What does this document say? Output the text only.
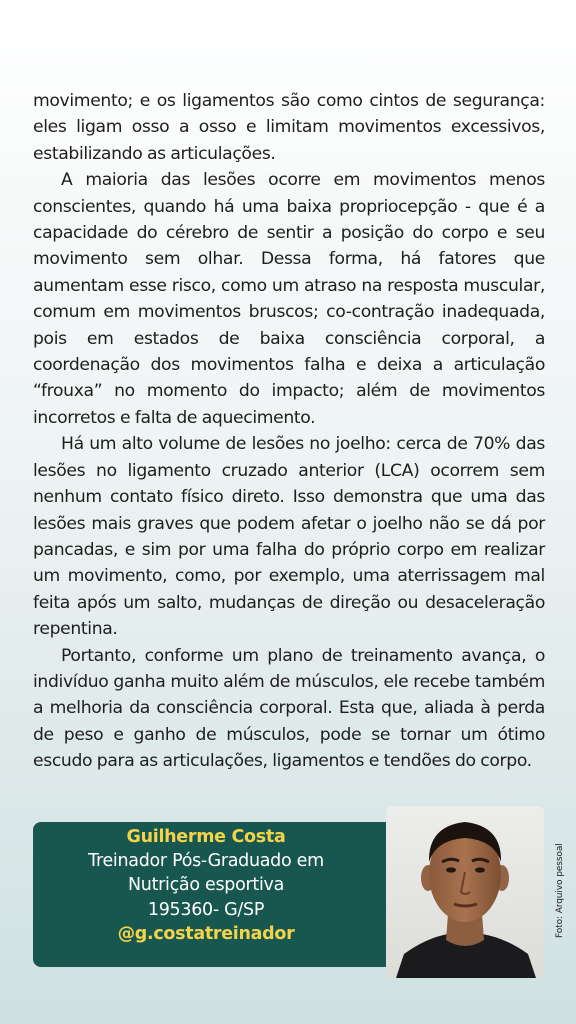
movimento; e os ligamentos são como cintos de segurança: eles ligam osso a osso e limitam movimentos excessivos, estabilizando as articulações.

A maioria das lesões ocorre em movimentos menos conscientes, quando há uma baixa propriocepção - que é a capacidade do cérebro de sentir a posição do corpo e seu movimento sem olhar. Dessa forma, há fatores que aumentam esse risco, como um atraso na resposta muscular, comum em movimentos bruscos; co-contração inadequada, pois em estados de baixa consciência corporal, a coordenação dos movimentos falha e deixa a articulação “frouxa” no momento do impacto; além de movimentos incorretos e falta de aquecimento.

Há um alto volume de lesões no joelho: cerca de 70% das lesões no ligamento cruzado anterior (LCA) ocorrem sem nenhum contato físico direto. Isso demonstra que uma das lesões mais graves que podem afetar o joelho não se dá por pancadas, e sim por uma falha do próprio corpo em realizar um movimento, como, por exemplo, uma aterrissagem mal feita após um salto, mudanças de direção ou desaceleração repentina.

Portanto, conforme um plano de treinamento avança, o indivíduo ganha muito além de músculos, ele recebe também a melhoria da consciência corporal. Esta que, aliada à perda de peso e ganho de músculos, pode se tornar um ótimo escudo para as articulações, ligamentos e tendões do corpo.

Guilherme Costa
Treinador Pós-Graduado em
Nutrição esportiva
195360- G/SP
@g.costatreinador	Foto: Arquivo pessoal
